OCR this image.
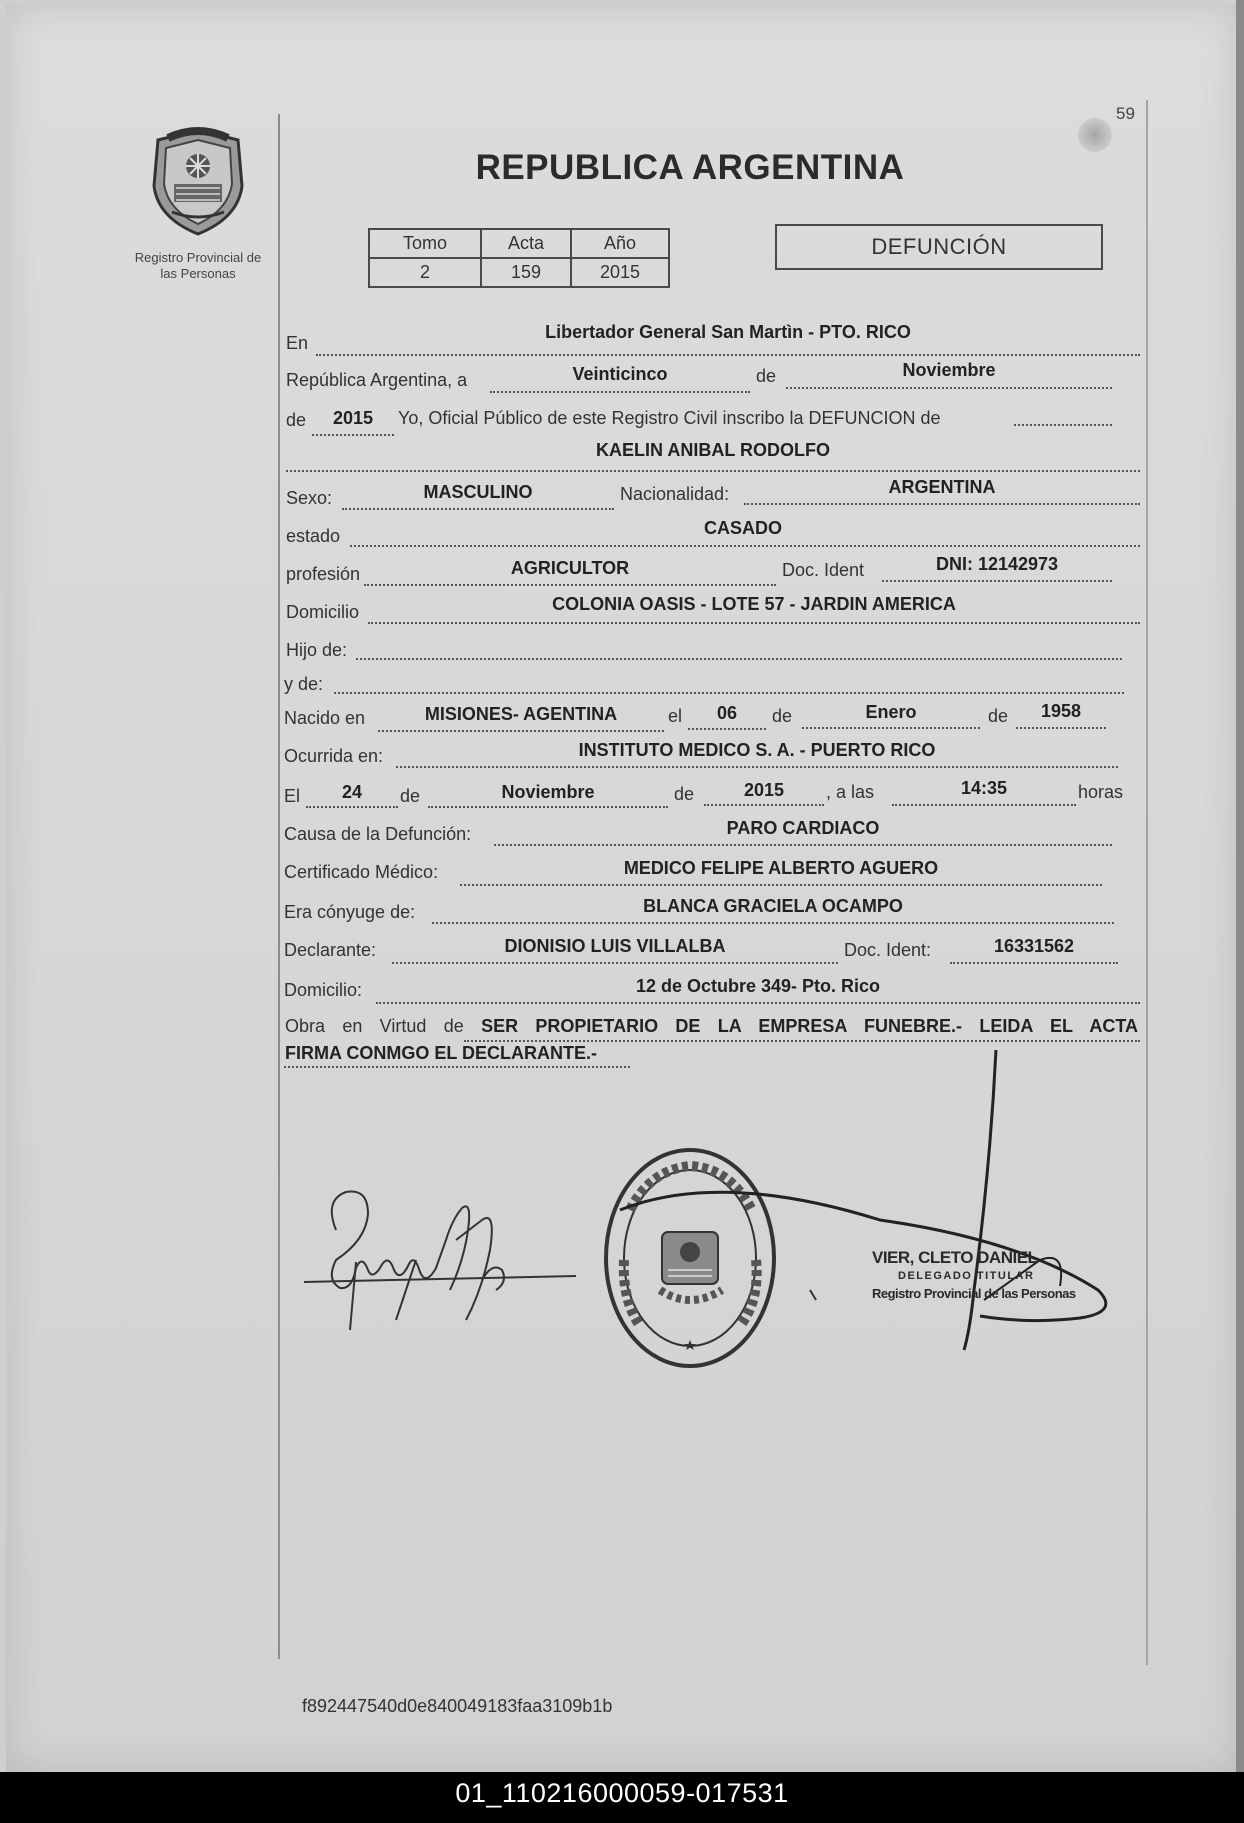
59
Registro Provincial de
las Personas
REPUBLICA ARGENTINA
Tomo	Acta	Año
2	159	2015
DEFUNCIÓN
En
Libertador General San Martìn - PTO. RICO
República Argentina, a	Veinticinco	de	Noviembre
de	2015	Yo, Oficial Público de este Registro Civil inscribo la DEFUNCION de
KAELIN ANIBAL RODOLFO
Sexo:	MASCULINO	Nacionalidad:	ARGENTINA
estado	CASADO
profesión	AGRICULTOR	Doc. Ident	DNI: 12142973
Domicilio	COLONIA OASIS - LOTE 57 - JARDIN AMERICA
Hijo de:
y de:
Nacido en	MISIONES- AGENTINA	el	06	de	Enero	de	1958
Ocurrida en:	INSTITUTO MEDICO S. A. - PUERTO RICO
El	24	de	Noviembre	de	2015	, a las	14:35	horas
Causa de la Defunción:	PARO CARDIACO
Certificado Médico:	MEDICO FELIPE ALBERTO AGUERO
Era cónyuge de:	BLANCA GRACIELA OCAMPO
Declarante:	DIONISIO LUIS VILLALBA	Doc. Ident:	16331562
Domicilio:	12 de Octubre 349- Pto. Rico
Obra en Virtud de SER PROPIETARIO DE LA EMPRESA FUNEBRE.- LEIDA EL ACTA
FIRMA CONMGO EL DECLARANTE.-
VIER, CLETO DANIEL
DELEGADO TITULAR
Registro Provincial de las Personas
f892447540d0e840049183faa3109b1b
01_110216000059-017531
